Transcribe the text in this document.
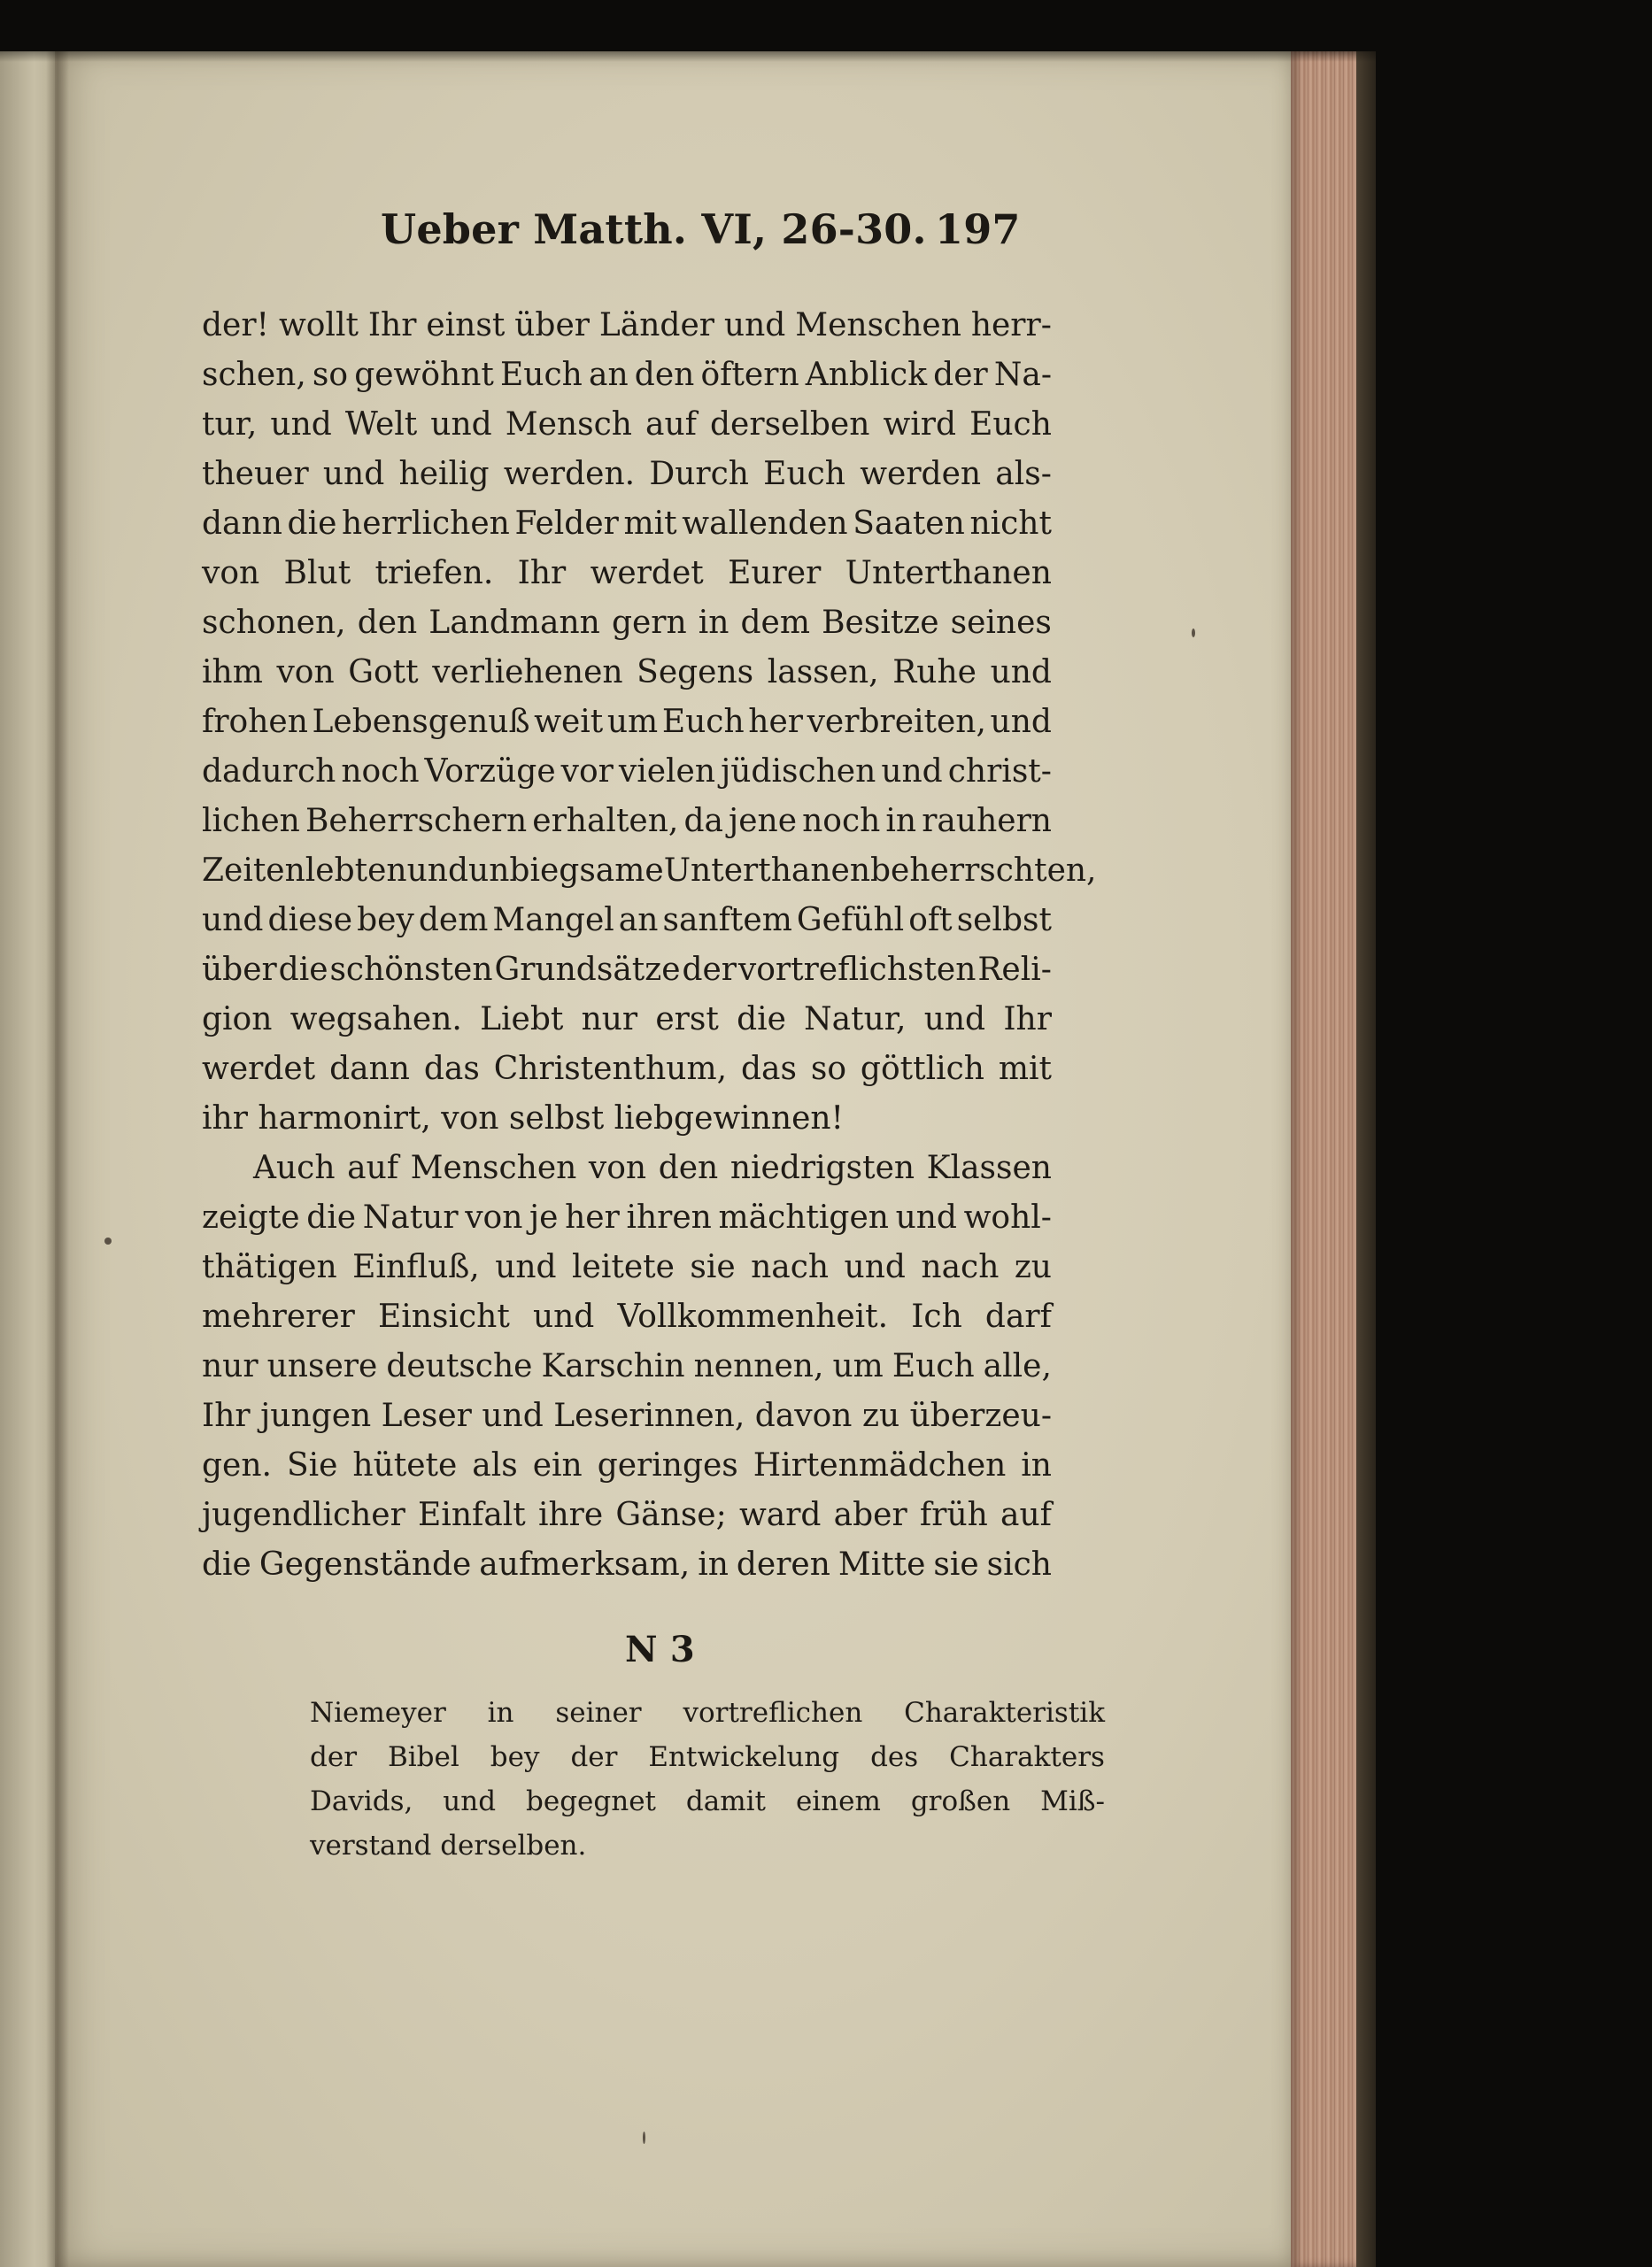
Ueber Matth. VI, 26-30. 197
der! wollt Ihr einst über Länder und Menschen herr-
schen, so gewöhnt Euch an den öftern Anblick der Na-
tur, und Welt und Mensch auf derselben wird Euch
theuer und heilig werden. Durch Euch werden als-
dann die herrlichen Felder mit wallenden Saaten nicht
von Blut triefen. Ihr werdet Eurer Unterthanen
schonen, den Landmann gern in dem Besitze seines
ihm von Gott verliehenen Segens lassen, Ruhe und
frohen Lebensgenuß weit um Euch her verbreiten, und
dadurch noch Vorzüge vor vielen jüdischen und christ-
lichen Beherrschern erhalten, da jene noch in rauhern
Zeiten lebten und unbiegsame Unterthanen beherrschten,
und diese bey dem Mangel an sanftem Gefühl oft selbst
über die schönsten Grundsätze der vortreflichsten Reli-
gion wegsahen. Liebt nur erst die Natur, und Ihr
werdet dann das Christenthum, das so göttlich mit
ihr harmonirt, von selbst liebgewinnen!
Auch auf Menschen von den niedrigsten Klassen
zeigte die Natur von je her ihren mächtigen und wohl-
thätigen Einfluß, und leitete sie nach und nach zu
mehrerer Einsicht und Vollkommenheit. Ich darf
nur unsere deutsche Karschin nennen, um Euch alle,
Ihr jungen Leser und Leserinnen, davon zu überzeu-
gen. Sie hütete als ein geringes Hirtenmädchen in
jugendlicher Einfalt ihre Gänse; ward aber früh auf
die Gegenstände aufmerksam, in deren Mitte sie sich
N 3
Niemeyer in seiner vortreflichen Charakteristik
der Bibel bey der Entwickelung des Charakters
Davids, und begegnet damit einem großen Miß-
verstand derselben.
